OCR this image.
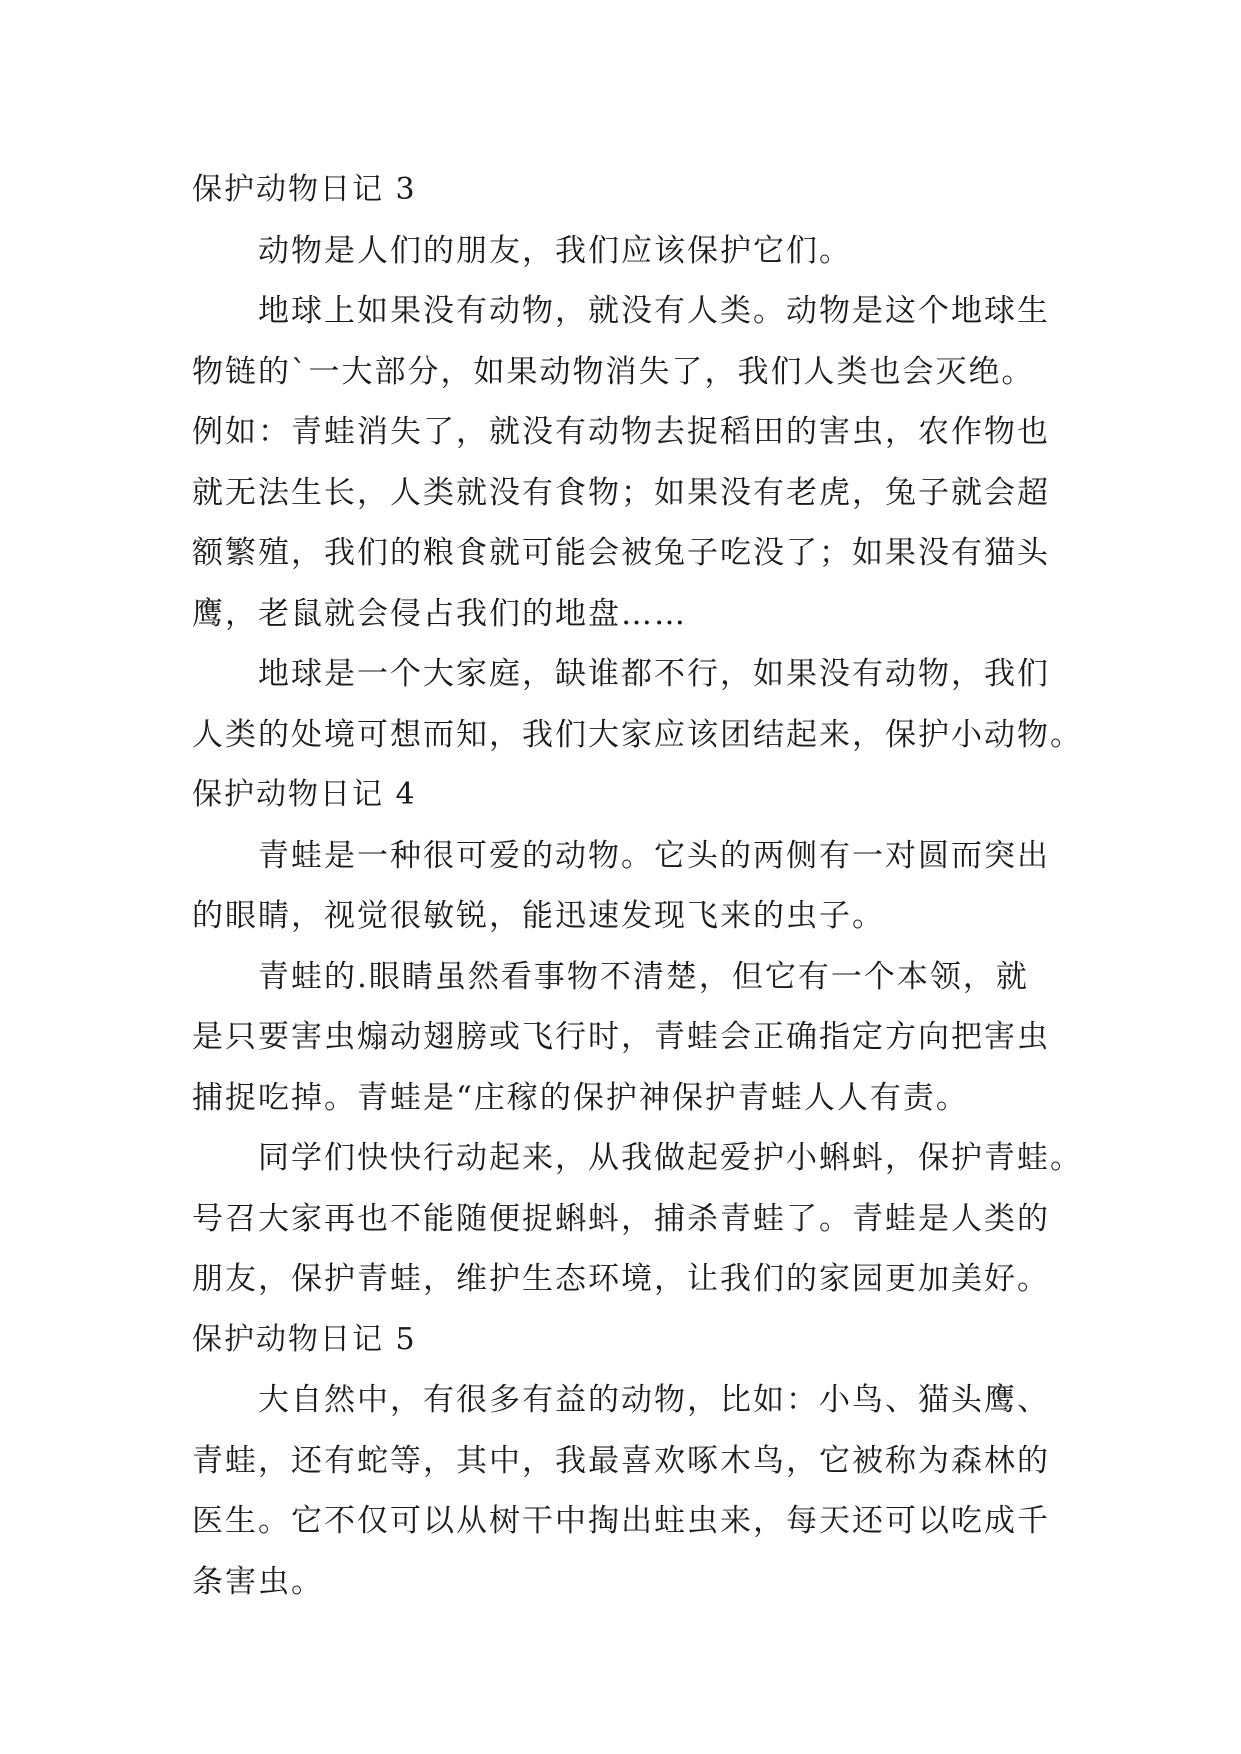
保护动物日记 3
动物是人们的朋友，我们应该保护它们。
地球上如果没有动物，就没有人类。动物是这个地球生
物链的`一大部分，如果动物消失了，我们人类也会灭绝。
例如：青蛙消失了，就没有动物去捉稻田的害虫，农作物也
就无法生长，人类就没有食物；如果没有老虎，兔子就会超
额繁殖，我们的粮食就可能会被兔子吃没了；如果没有猫头
鹰，老鼠就会侵占我们的地盘……
地球是一个大家庭，缺谁都不行，如果没有动物，我们
人类的处境可想而知，我们大家应该团结起来，保护小动物。
保护动物日记 4
青蛙是一种很可爱的动物。它头的两侧有一对圆而突出
的眼睛，视觉很敏锐，能迅速发现飞来的虫子。
青蛙的.眼睛虽然看事物不清楚，但它有一个本领，就
是只要害虫煽动翅膀或飞行时，青蛙会正确指定方向把害虫
捕捉吃掉。青蛙是“庄稼的保护神保护青蛙人人有责。
同学们快快行动起来，从我做起爱护小蝌蚪，保护青蛙。
号召大家再也不能随便捉蝌蚪，捕杀青蛙了。青蛙是人类的
朋友，保护青蛙，维护生态环境，让我们的家园更加美好。
保护动物日记 5
大自然中，有很多有益的动物，比如：小鸟、猫头鹰、
青蛙，还有蛇等，其中，我最喜欢啄木鸟，它被称为森林的
医生。它不仅可以从树干中掏出蛀虫来，每天还可以吃成千
条害虫。
